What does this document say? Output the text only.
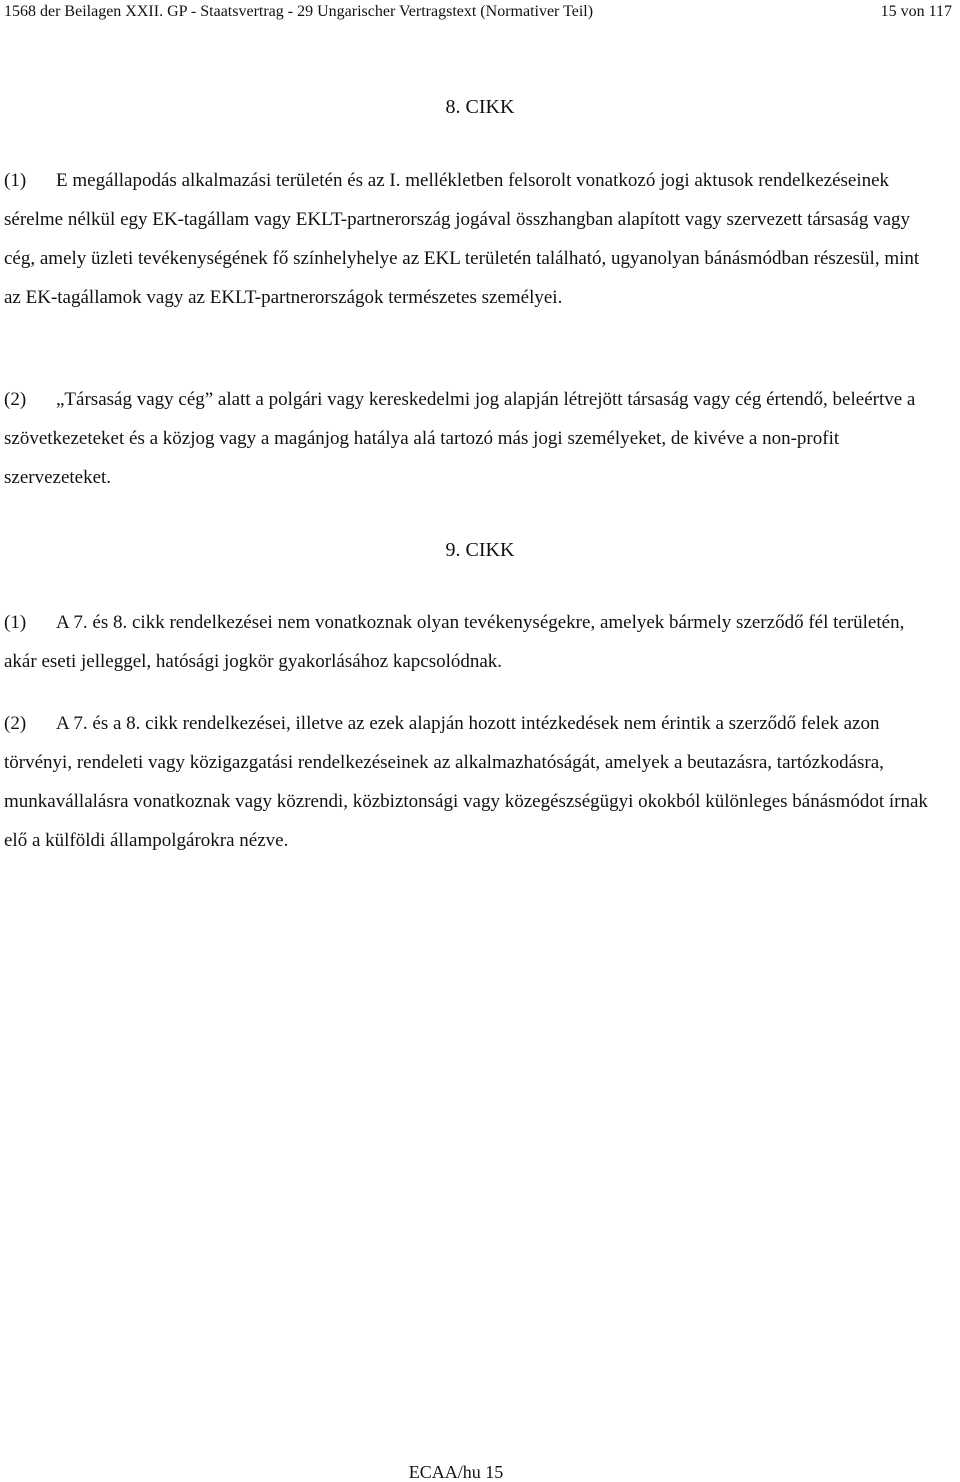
1568 der Beilagen XXII. GP - Staatsvertrag - 29 Ungarischer Vertragstext (Normativer Teil)	15 von 117
8. CIKK
(1) E megállapodás alkalmazási területén és az I. mellékletben felsorolt vonatkozó jogi aktusok rendelkezéseinek sérelme nélkül egy EK-tagállam vagy EKLT-partnerország jogával összhangban alapított vagy szervezett társaság vagy cég, amely üzleti tevékenységének fő színhelyhelye az EKL területén található, ugyanolyan bánásmódban részesül, mint az EK-tagállamok vagy az EKLT-partnerországok természetes személyei.
(2) „Társaság vagy cég” alatt a polgári vagy kereskedelmi jog alapján létrejött társaság vagy cég értendő, beleértve a szövetkezeteket és a közjog vagy a magánjog hatálya alá tartozó más jogi személyeket, de kivéve a non-profit szervezeteket.
9. CIKK
(1) A 7. és 8. cikk rendelkezései nem vonatkoznak olyan tevékenységekre, amelyek bármely szerződő fél területén, akár eseti jelleggel, hatósági jogkör gyakorlásához kapcsolódnak.
(2) A 7. és a 8. cikk rendelkezései, illetve az ezek alapján hozott intézkedések nem érintik a szerződő felek azon törvényi, rendeleti vagy közigazgatási rendelkezéseinek az alkalmazhatóságát, amelyek a beutazásra, tartózkodásra, munkavállalásra vonatkoznak vagy közrendi, közbiztonsági vagy közegészségügyi okokból különleges bánásmódot írnak elő a külföldi állampolgárokra nézve.
ECAA/hu 15
